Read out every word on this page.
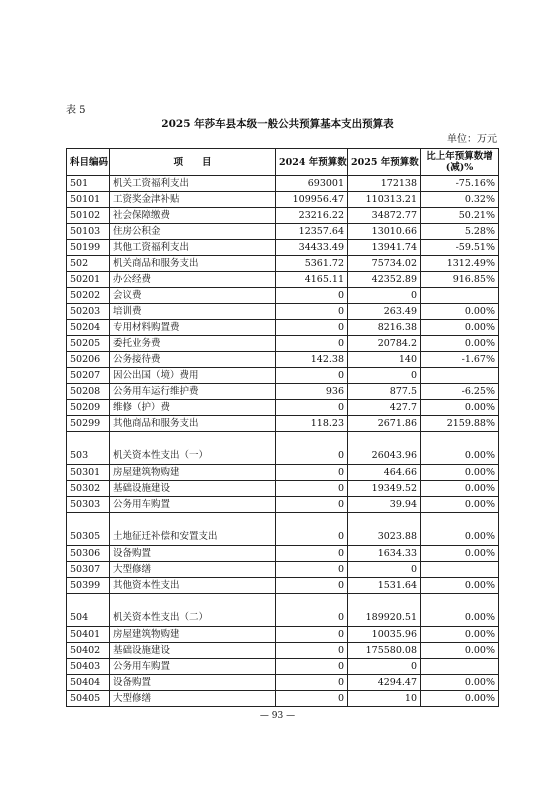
表 5
2025 年莎车县本级一般公共预算基本支出预算表
单位：万元
科目编码	项　　目	2024 年预算数	2025 年预算数	比上年预算数增(减)%
501	机关工资福利支出	693001	172138	-75.16%
50101	工资奖金津补贴	109956.47	110313.21	0.32%
50102	社会保障缴费	23216.22	34872.77	50.21%
50103	住房公积金	12357.64	13010.66	5.28%
50199	其他工资福利支出	34433.49	13941.74	-59.51%
502	机关商品和服务支出	5361.72	75734.02	1312.49%
50201	办公经费	4165.11	42352.89	916.85%
50202	会议费	0	0	
50203	培训费	0	263.49	0.00%
50204	专用材料购置费	0	8216.38	0.00%
50205	委托业务费	0	20784.2	0.00%
50206	公务接待费	142.38	140	-1.67%
50207	因公出国（境）费用	0	0	
50208	公务用车运行维护费	936	877.5	-6.25%
50209	维修（护）费	0	427.7	0.00%
50299	其他商品和服务支出	118.23	2671.86	2159.88%
503	机关资本性支出（一）	0	26043.96	0.00%
50301	房屋建筑物购建	0	464.66	0.00%
50302	基础设施建设	0	19349.52	0.00%
50303	公务用车购置	0	39.94	0.00%
50305	土地征迁补偿和安置支出	0	3023.88	0.00%
50306	设备购置	0	1634.33	0.00%
50307	大型修缮	0	0	
50399	其他资本性支出	0	1531.64	0.00%
504	机关资本性支出（二）	0	189920.51	0.00%
50401	房屋建筑物购建	0	10035.96	0.00%
50402	基础设施建设	0	175580.08	0.00%
50403	公务用车购置	0	0	
50404	设备购置	0	4294.47	0.00%
50405	大型修缮	0	10	0.00%
— 93 —
